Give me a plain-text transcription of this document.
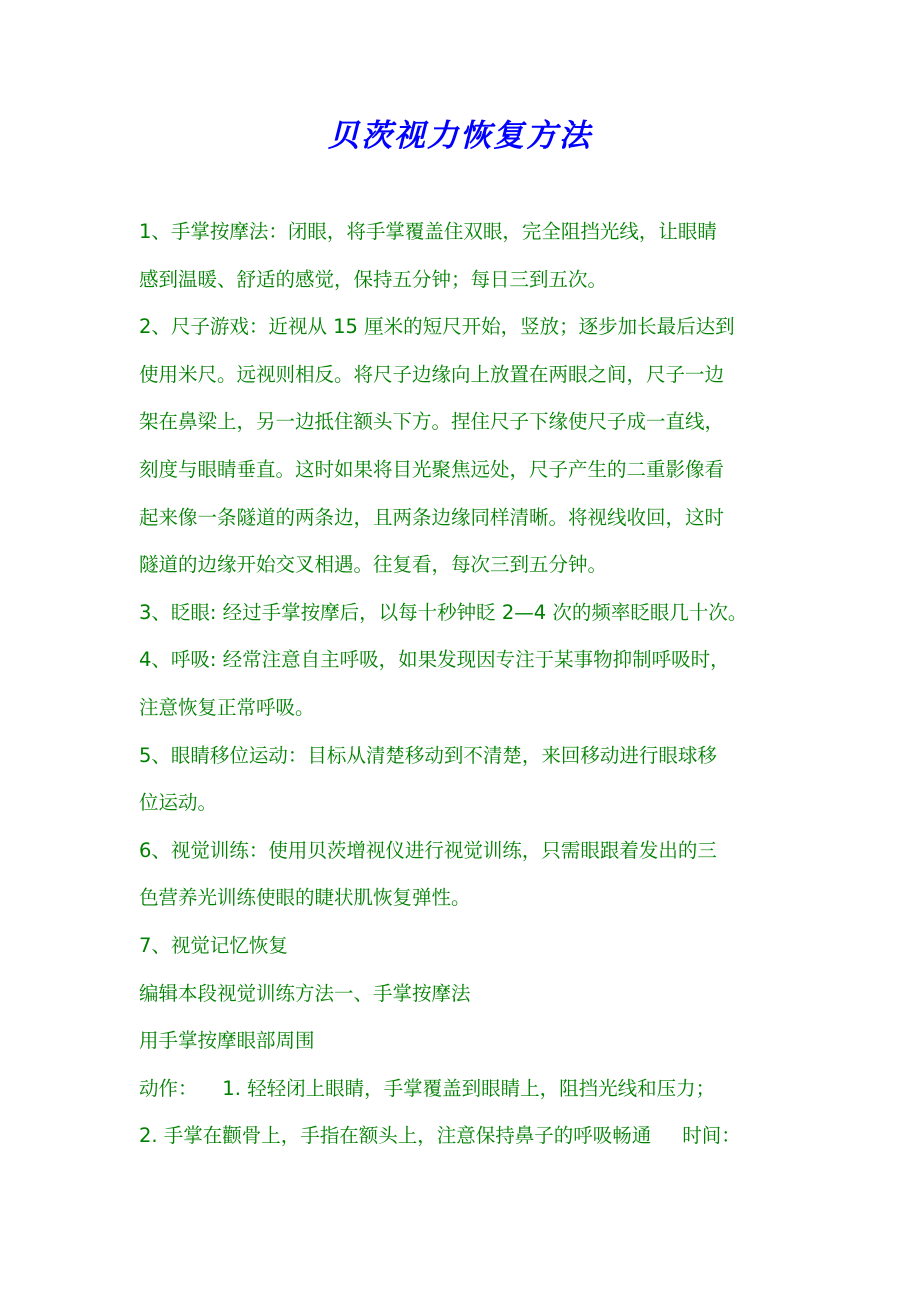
贝茨视力恢复方法

1、手掌按摩法：闭眼，将手掌覆盖住双眼，完全阻挡光线，让眼睛
感到温暖、舒适的感觉，保持五分钟；每日三到五次。

2、尺子游戏：近视从 15 厘米的短尺开始，竖放；逐步加长最后达到
使用米尺。远视则相反。将尺子边缘向上放置在两眼之间，尺子一边
架在鼻梁上，另一边抵住额头下方。捏住尺子下缘使尺子成一直线，
刻度与眼睛垂直。这时如果将目光聚焦远处，尺子产生的二重影像看
起来像一条隧道的两条边，且两条边缘同样清晰。将视线收回，这时
隧道的边缘开始交叉相遇。往复看，每次三到五分钟。

3、眨眼: 经过手掌按摩后，以每十秒钟眨 2—4 次的频率眨眼几十次。

4、呼吸: 经常注意自主呼吸，如果发现因专注于某事物抑制呼吸时，
注意恢复正常呼吸。

5、眼睛移位运动：目标从清楚移动到不清楚，来回移动进行眼球移
位运动。

6、视觉训练：使用贝茨增视仪进行视觉训练，只需眼跟着发出的三
色营养光训练使眼的睫状肌恢复弹性。

7、视觉记忆恢复

编辑本段视觉训练方法一、手掌按摩法

用手掌按摩眼部周围

动作：    1. 轻轻闭上眼睛，手掌覆盖到眼睛上，阻挡光线和压力；

2. 手掌在颧骨上，手指在额头上，注意保持鼻子的呼吸畅通     时间：
